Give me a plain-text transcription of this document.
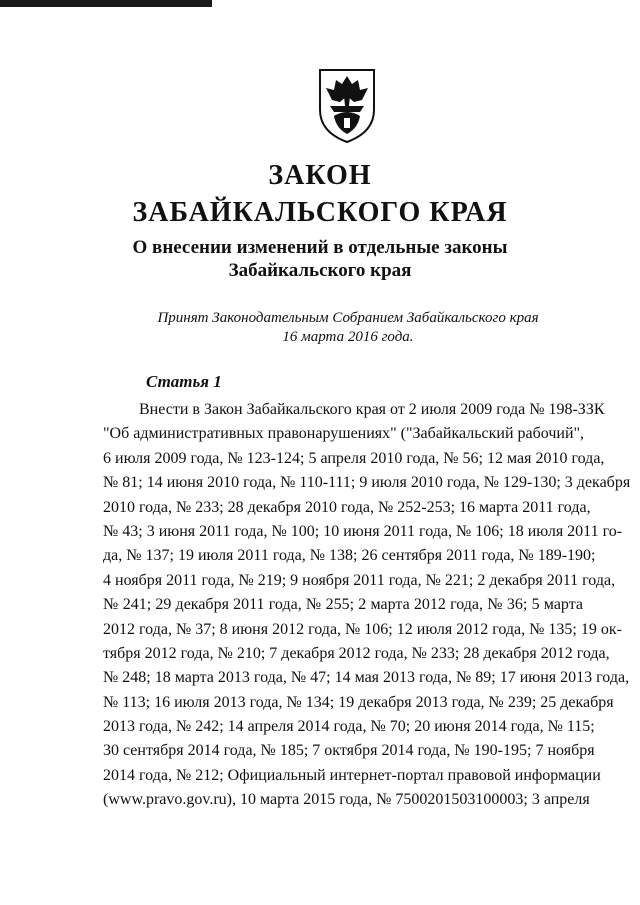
ЗАКОН
ЗАБАЙКАЛЬСКОГО КРАЯ
О внесении изменений в отдельные законы
Забайкальского края

Принят Законодательным Собранием Забайкальского края

16 марта 2016 года.

Статья 1

Внести в Закон Забайкальского края от 2 июля 2009 года № 198-ЗЗК
"Об административных правонарушениях" ("Забайкальский рабочий",
6 июля 2009 года, № 123-124; 5 апреля 2010 года, № 56; 12 мая 2010 года,
№ 81; 14 июня 2010 года, № 110-111; 9 июля 2010 года, № 129-130; 3 декабря
2010 года, № 233; 28 декабря 2010 года, № 252-253; 16 марта 2011 года,
№ 43; 3 июня 2011 года, № 100; 10 июня 2011 года, № 106; 18 июля 2011 го-
да, № 137; 19 июля 2011 года, № 138; 26 сентября 2011 года, № 189-190;
4 ноября 2011 года, № 219; 9 ноября 2011 года, № 221; 2 декабря 2011 года,
№ 241; 29 декабря 2011 года, № 255; 2 марта 2012 года, № 36; 5 марта
2012 года, № 37; 8 июня 2012 года, № 106; 12 июля 2012 года, № 135; 19 ок-
тября 2012 года, № 210; 7 декабря 2012 года, № 233; 28 декабря 2012 года,
№ 248; 18 марта 2013 года, № 47; 14 мая 2013 года, № 89; 17 июня 2013 года,
№ 113; 16 июля 2013 года, № 134; 19 декабря 2013 года, № 239; 25 декабря
2013 года, № 242; 14 апреля 2014 года, № 70; 20 июня 2014 года, № 115;
30 сентября 2014 года, № 185; 7 октября 2014 года, № 190-195; 7 ноября
2014 года, № 212; Официальный интернет-портал правовой информации
(www.pravo.gov.ru), 10 марта 2015 года, № 7500201503100003; 3 апреля
